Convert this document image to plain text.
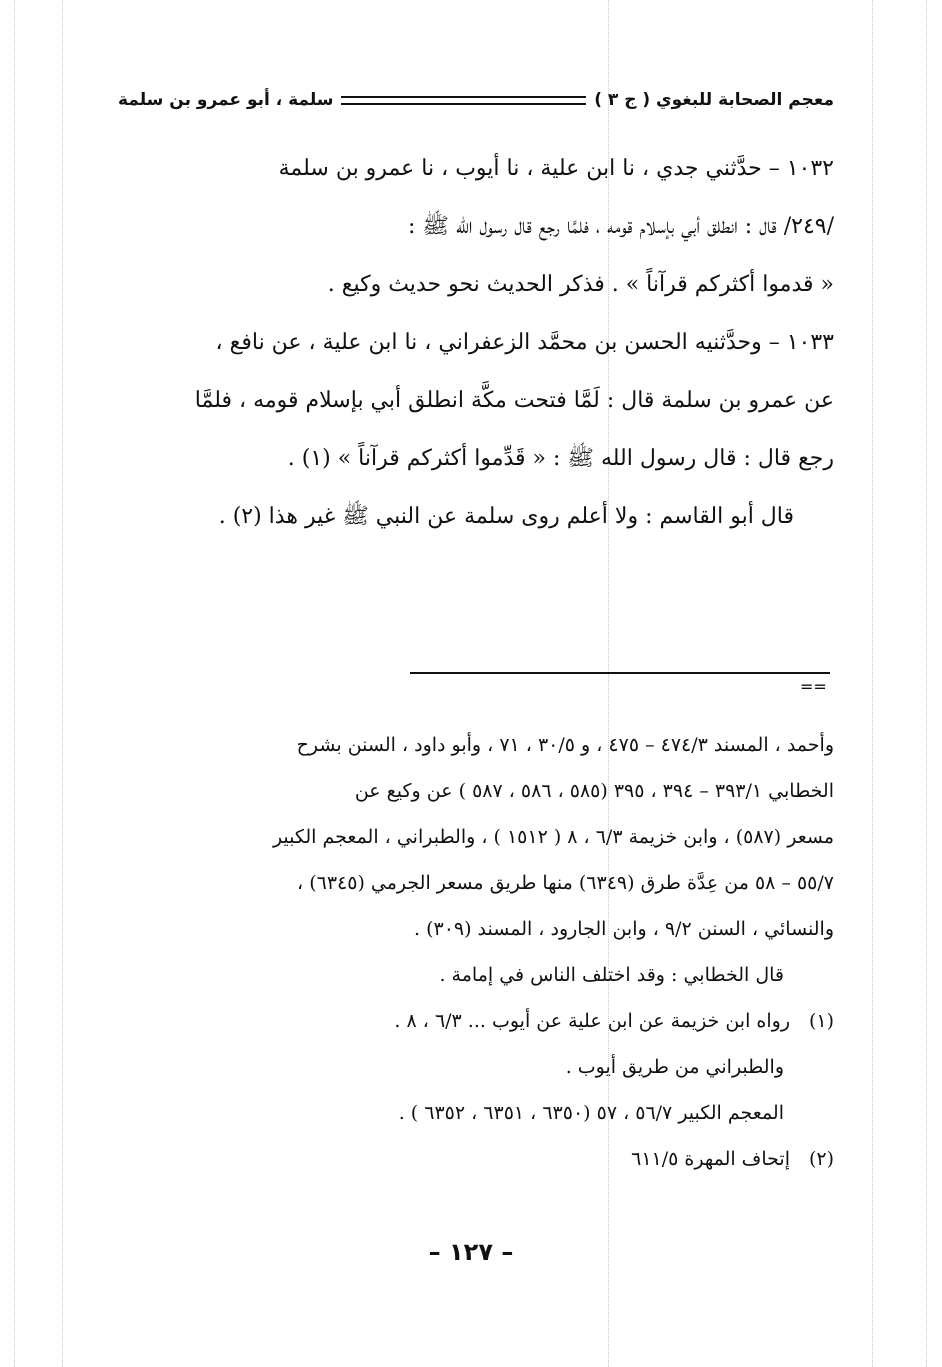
معجم الصحابة للبغوي ( ج ٣ )
سلمة ، أبو عمرو بن سلمة

١٠٣٢ – حدَّثني جدي ، نا ابن علية ، نا أيوب ، نا عمرو بن سلمة

/٢٤٩/ قال : انطلق أبي بإسلام قومه ، فلمَّا رجع قال رسول الله ﷺ :

« قدموا أكثركم قرآناً » . فذكر الحديث نحو حديث وكيع .

١٠٣٣ – وحدَّثنيه الحسن بن محمَّد الزعفراني ، نا ابن علية ، عن نافع ،

عن عمرو بن سلمة قال : لَمَّا فتحت مكَّة انطلق أبي بإسلام قومه ، فلمَّا

رجع قال : قال رسول الله ﷺ : « قَدِّموا أكثركم قرآناً » (١) .

قال أبو القاسم : ولا أعلم روى سلمة عن النبي ﷺ غير هذا (٢) .

==

وأحمد ، المسند ٤٧٤/٣ – ٤٧٥ ، و ٣٠/٥ ، ٧١ ، وأبو داود ، السنن بشرح

الخطابي ٣٩٣/١ – ٣٩٤ ، ٣٩٥ (٥٨٥ ، ٥٨٦ ، ٥٨٧ ) عن وكيع عن

مسعر (٥٨٧) ، وابن خزيمة ٦/٣ ، ٨ ( ١٥١٢ ) ، والطبراني ، المعجم الكبير

٥٥/٧ – ٥٨ من عِدَّة طرق (٦٣٤٩) منها طريق مسعر الجرمي (٦٣٤٥) ،

والنسائي ، السنن ٩/٢ ، وابن الجارود ، المسند (٣٠٩) .

قال الخطابي : وقد اختلف الناس في إمامة .

(١)رواه ابن خزيمة عن ابن علية عن أيوب ... ٦/٣ ، ٨ .

والطبراني من طريق أيوب .

المعجم الكبير ٥٦/٧ ، ٥٧ (٦٣٥٠ ، ٦٣٥١ ، ٦٣٥٢ ) .

(٢)إتحاف المهرة ٦١١/٥

– ١٢٧ –
